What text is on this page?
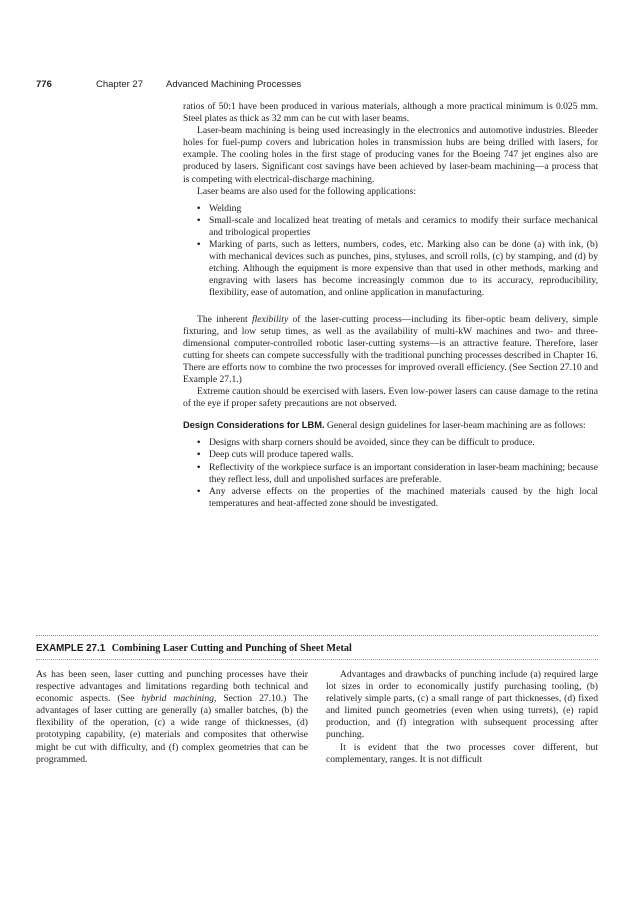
776	Chapter 27	Advanced Machining Processes

ratios of 50:1 have been produced in various materials, although a more practical minimum is 0.025 mm. Steel plates as thick as 32 mm can be cut with laser beams.

Laser-beam machining is being used increasingly in the electronics and automotive industries. Bleeder holes for fuel-pump covers and lubrication holes in transmission hubs are being drilled with lasers, for example. The cooling holes in the first stage of producing vanes for the Boeing 747 jet engines also are produced by lasers. Significant cost savings have been achieved by laser-beam machining—a process that is competing with electrical-discharge machining.

Laser beams are also used for the following applications:

• Welding
• Small-scale and localized heat treating of metals and ceramics to modify their surface mechanical and tribological properties
• Marking of parts, such as letters, numbers, codes, etc. Marking also can be done (a) with ink, (b) with mechanical devices such as punches, pins, styluses, and scroll rolls, (c) by stamping, and (d) by etching. Although the equipment is more expensive than that used in other methods, marking and engraving with lasers has become increasingly common due to its accuracy, reproducibility, flexibility, ease of automation, and online application in manufacturing.

The inherent flexibility of the laser-cutting process—including its fiber-optic beam delivery, simple fixturing, and low setup times, as well as the availability of multi-kW machines and two- and three-dimensional computer-controlled robotic laser-cutting systems—is an attractive feature. Therefore, laser cutting for sheets can compete successfully with the traditional punching processes described in Chapter 16. There are efforts now to combine the two processes for improved overall efficiency. (See Section 27.10 and Example 27.1.)

Extreme caution should be exercised with lasers. Even low-power lasers can cause damage to the retina of the eye if proper safety precautions are not observed.

Design Considerations for LBM. General design guidelines for laser-beam machining are as follows:

• Designs with sharp corners should be avoided, since they can be difficult to produce.
• Deep cuts will produce tapered walls.
• Reflectivity of the workpiece surface is an important consideration in laser-beam machining; because they reflect less, dull and unpolished surfaces are preferable.
• Any adverse effects on the properties of the machined materials caused by the high local temperatures and heat-affected zone should be investigated.
EXAMPLE 27.1 Combining Laser Cutting and Punching of Sheet Metal

As has been seen, laser cutting and punching processes have their respective advantages and limitations regarding both technical and economic aspects. (See hybrid machining, Section 27.10.) The advantages of laser cutting are generally (a) smaller batches, (b) the flexibility of the operation, (c) a wide range of thicknesses, (d) prototyping capability, (e) materials and composites that otherwise might be cut with difficulty, and (f) complex geometries that can be programmed.

Advantages and drawbacks of punching include (a) required large lot sizes in order to economically justify purchasing tooling, (b) relatively simple parts, (c) a small range of part thicknesses, (d) fixed and limited punch geometries (even when using turrets), (e) rapid production, and (f) integration with subsequent processing after punching.

It is evident that the two processes cover different, but complementary, ranges. It is not difficult
